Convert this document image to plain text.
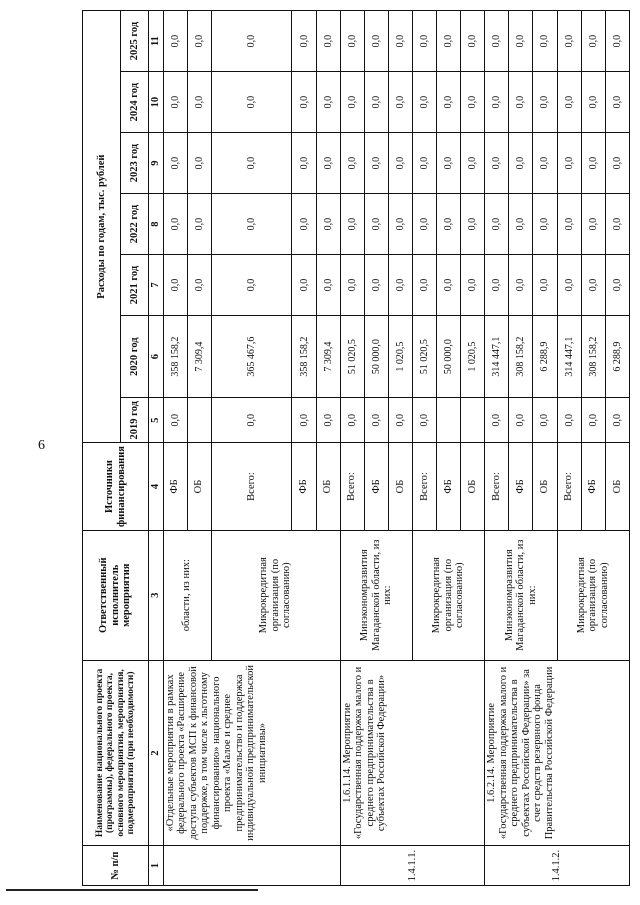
6
№ п/п	Наименование национального проекта (программы), федерального проекта, основного мероприятия, мероприятия, подмероприятия (при необходимости)	Ответственный исполнитель мероприятия	Источники финансирования	Расходы по годам, тыс. рублей						
				2019 год	2020 год	2021 год	2022 год	2023 год	2024 год	2025 год
1	2	3	4	5	6	7	8	9	10	11
	«Отдельные мероприятия в рамках федерального проекта «Расширение доступа субъектов МСП к финансовой поддержке, в том числе к льготному финансированию» национального проекта «Малое и среднее предпринимательство и поддержка индивидуальной предпринимательской инициативы»	области, из них:	ФБ	0,0	358 158,2	0,0	0,0	0,0	0,0	0,0
			ОБ		7 309,4	0,0	0,0	0,0	0,0	0,0
		Микрокредитная организация (по согласованию)	Всего:	0,0	365 467,6	0,0	0,0	0,0	0,0	0,0
			ФБ	0,0	358 158,2	0,0	0,0	0,0	0,0	0,0
			ОБ	0,0	7 309,4	0,0	0,0	0,0	0,0	0,0
1.4.1.1.	1.6.1.14. Мероприятие «Государственная поддержка малого и среднего предпринимательства в субъектах Российской Федерации»	Минэкономразвития Магаданской области, из них:	Всего:	0,0	51 020,5	0,0	0,0	0,0	0,0	0,0
			ФБ	0,0	50 000,0	0,0	0,0	0,0	0,0	0,0
			ОБ	0,0	1 020,5	0,0	0,0	0,0	0,0	0,0
		Микрокредитная организация (по согласованию)	Всего:	0,0	51 020,5	0,0	0,0	0,0	0,0	0,0
			ФБ		50 000,0	0,0	0,0	0,0	0,0	0,0
			ОБ		1 020,5	0,0	0,0	0,0	0,0	0,0
1.4.1.2.	1.6.2.14. Мероприятие «Государственная поддержка малого и среднего предпринимательства в субъектах Российской Федерации» за счет средств резервного фонда Правительства Российской Федерации	Минэкономразвития Магаданской области, из них:	Всего:	0,0	314 447,1	0,0	0,0	0,0	0,0	0,0
			ФБ	0,0	308 158,2	0,0	0,0	0,0	0,0	0,0
			ОБ	0,0	6 288,9	0,0	0,0	0,0	0,0	0,0
		Микрокредитная организация (по согласованию)	Всего:	0,0	314 447,1	0,0	0,0	0,0	0,0	0,0
			ФБ	0,0	308 158,2	0,0	0,0	0,0	0,0	0,0
			ОБ	0,0	6 288,9	0,0	0,0	0,0	0,0	0,0
